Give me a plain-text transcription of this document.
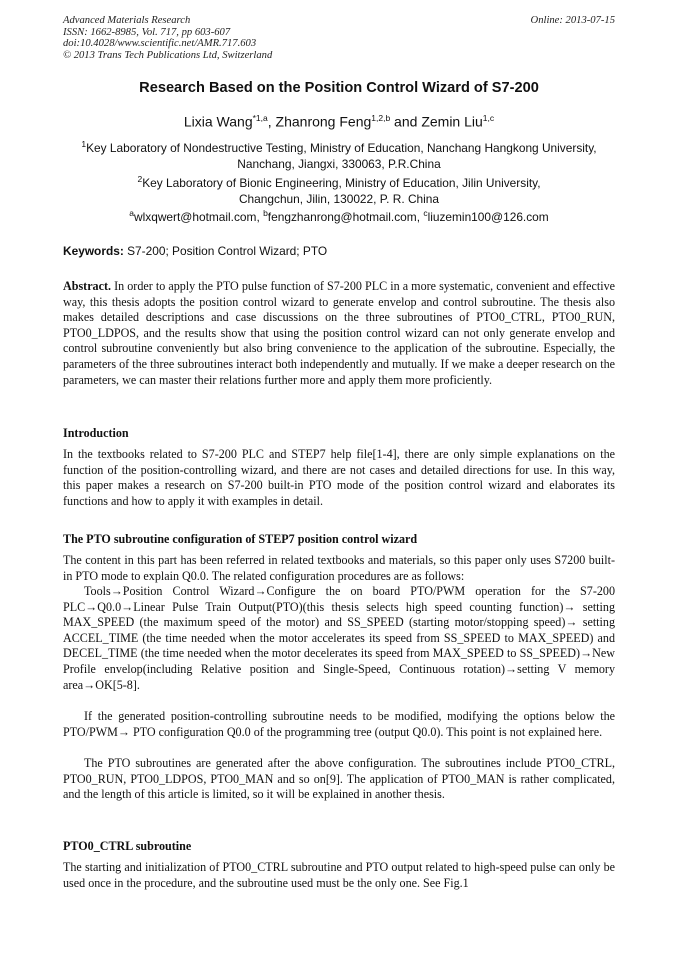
Advanced Materials Research
ISSN: 1662-8985, Vol. 717, pp 603-607
doi:10.4028/www.scientific.net/AMR.717.603
© 2013 Trans Tech Publications Ltd, Switzerland
Online: 2013-07-15
Research Based on the Position Control Wizard of S7-200
Lixia Wang$^{*1,a}$, Zhanrong Feng$^{1,2,b}$ and Zemin Liu$^{1,c}$
$^1$Key Laboratory of Nondestructive Testing, Ministry of Education, Nanchang Hangkong University,
Nanchang, Jiangxi, 330063, P.R.China
$^2$Key Laboratory of Bionic Engineering, Ministry of Education, Jilin University,
Changchun, Jilin, 130022, P. R. China
$^a$wlxqwert@hotmail.com, $^b$fengzhanrong@hotmail.com, $^c$liuzemin100@126.com
Keywords: S7-200; Position Control Wizard; PTO
Abstract. In order to apply the PTO pulse function of S7-200 PLC in a more systematic, convenient and effective way, this thesis adopts the position control wizard to generate envelop and control subroutine. The thesis also makes detailed descriptions and case discussions on the three subroutines of PTO0_CTRL, PTO0_RUN, PTO0_LDPOS, and the results show that using the position control wizard can not only generate envelop and control subroutine conveniently but also bring convenience to the application of the subroutine. Especially, the parameters of the three subroutines interact both independently and mutually. If we make a deeper research on the parameters, we can master their relations further more and apply them more proficiently.
Introduction
In the textbooks related to S7-200 PLC and STEP7 help file[1-4], there are only simple explanations on the function of the position-controlling wizard, and there are not cases and detailed directions for use. In this way, this paper makes a research on S7-200 built-in PTO mode of the position control wizard and elaborates its functions and how to apply it with examples in detail.
The PTO subroutine configuration of STEP7 position control wizard
The content in this part has been referred in related textbooks and materials, so this paper only uses S7200 built-in PTO mode to explain Q0.0. The related configuration procedures are as follows:
Tools→Position Control Wizard→Configure the on board PTO/PWM operation for the S7-200 PLC→Q0.0→Linear Pulse Train Output(PTO)(this thesis selects high speed counting function)→ setting MAX_SPEED (the maximum speed of the motor) and SS_SPEED (starting motor/stopping speed)→ setting ACCEL_TIME (the time needed when the motor accelerates its speed from SS_SPEED to MAX_SPEED) and DECEL_TIME (the time needed when the motor decelerates its speed from MAX_SPEED to SS_SPEED)→New Profile envelop(including Relative position and Single-Speed, Continuous rotation)→setting V memory area→OK[5-8].
If the generated position-controlling subroutine needs to be modified, modifying the options below the PTO/PWM→ PTO configuration Q0.0 of the programming tree (output Q0.0). This point is not explained here.
The PTO subroutines are generated after the above configuration. The subroutines include PTO0_CTRL, PTO0_RUN, PTO0_LDPOS, PTO0_MAN and so on[9]. The application of PTO0_MAN is rather complicated, and the length of this article is limited, so it will be explained in another thesis.
PTO0_CTRL subroutine
The starting and initialization of PTO0_CTRL subroutine and PTO output related to high-speed pulse can only be used once in the procedure, and the subroutine used must be the only one. See Fig.1
